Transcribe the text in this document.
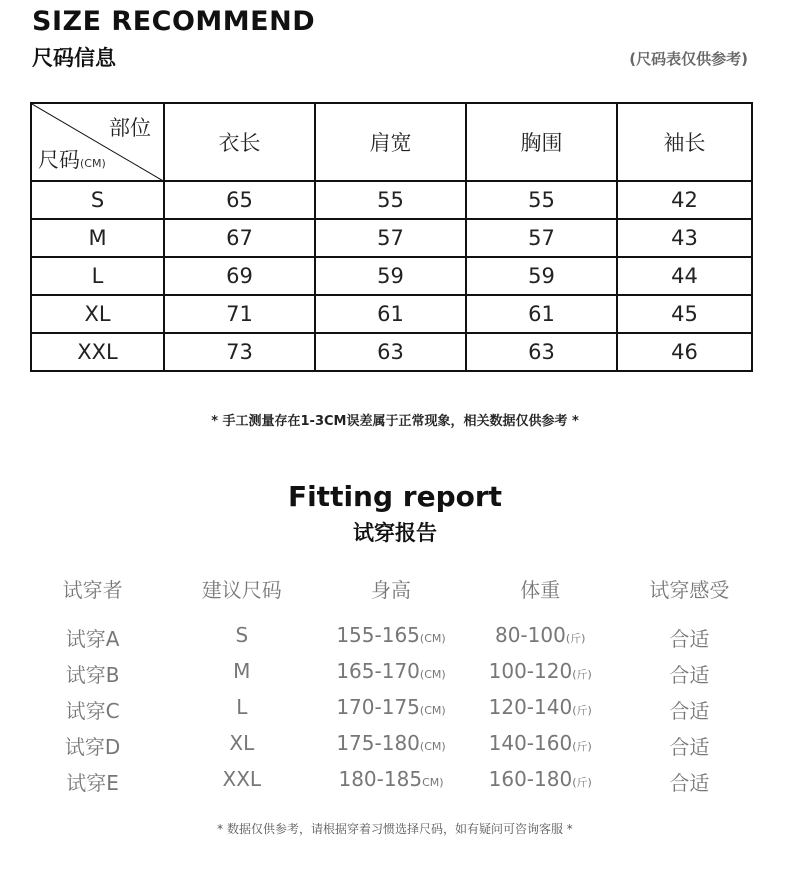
SIZE RECOMMEND
尺码信息	(尺码表仅供参考)
部位
尺码(CM)	衣长	肩宽	胸围	袖长
S	65	55	55	42
M	67	57	57	43
L	69	59	59	44
XL	71	61	61	45
XXL	73	63	63	46
* 手工测量存在1-3CM误差属于正常现象，相关数据仅供参考 *
Fitting report
试穿报告
试穿者	建议尺码	身高	体重	试穿感受
试穿A	S	155-165(CM)	80-100(斤)	合适
试穿B	M	165-170(CM)	100-120(斤)	合适
试穿C	L	170-175(CM)	120-140(斤)	合适
试穿D	XL	175-180(CM)	140-160(斤)	合适
试穿E	XXL	180-185CM)	160-180(斤)	合适
* 数据仅供参考，请根据穿着习惯选择尺码，如有疑问可咨询客服 *
